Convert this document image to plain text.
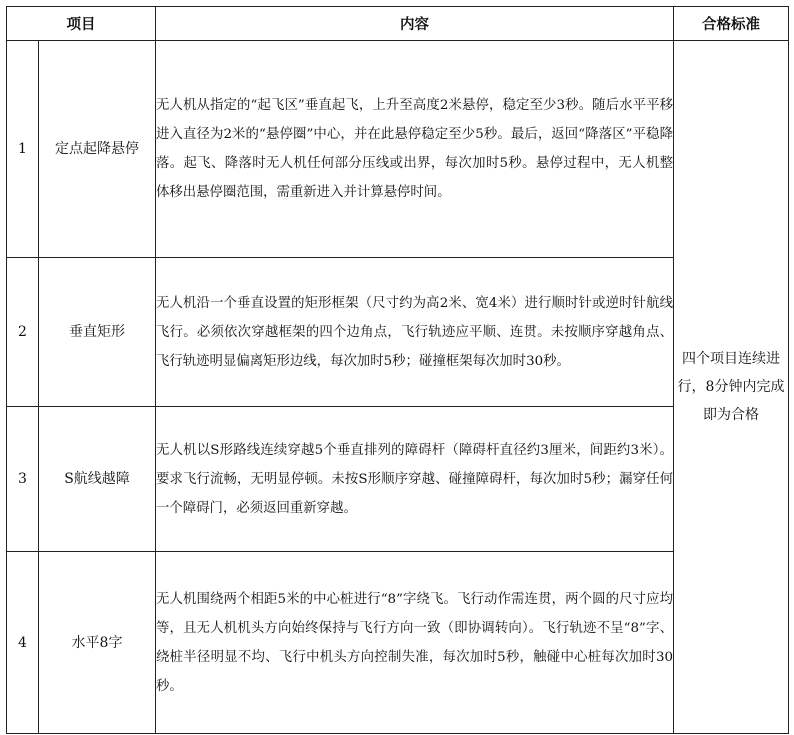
项目		内容	合格标准
1	定点起降悬停	无人机从指定的“起飞区”垂直起飞，上升至高度2米悬停，稳定至少3秒。随后水平平移进入直径为2米的“悬停圈”中心，并在此悬停稳定至少5秒。最后，返回“降落区”平稳降落。起飞、降落时无人机任何部分压线或出界，每次加时5秒。悬停过程中，无人机整体移出悬停圈范围，需重新进入并计算悬停时间。	四个项目连续进行，8分钟内完成即为合格
2	垂直矩形	无人机沿一个垂直设置的矩形框架（尺寸约为高2米、宽4米）进行顺时针或逆时针航线飞行。必须依次穿越框架的四个边角点，飞行轨迹应平顺、连贯。未按顺序穿越角点、飞行轨迹明显偏离矩形边线，每次加时5秒；碰撞框架每次加时30秒。	
3	S航线越障	无人机以S形路线连续穿越5个垂直排列的障碍杆（障碍杆直径约3厘米，间距约3米）。要求飞行流畅，无明显停顿。未按S形顺序穿越、碰撞障碍杆，每次加时5秒；漏穿任何一个障碍门，必须返回重新穿越。	
4	水平8字	无人机围绕两个相距5米的中心桩进行“8”字绕飞。飞行动作需连贯，两个圆的尺寸应均等，且无人机机头方向始终保持与飞行方向一致（即协调转向）。飞行轨迹不呈“8”字、绕桩半径明显不均、飞行中机头方向控制失准，每次加时5秒，触碰中心桩每次加时30秒。	
